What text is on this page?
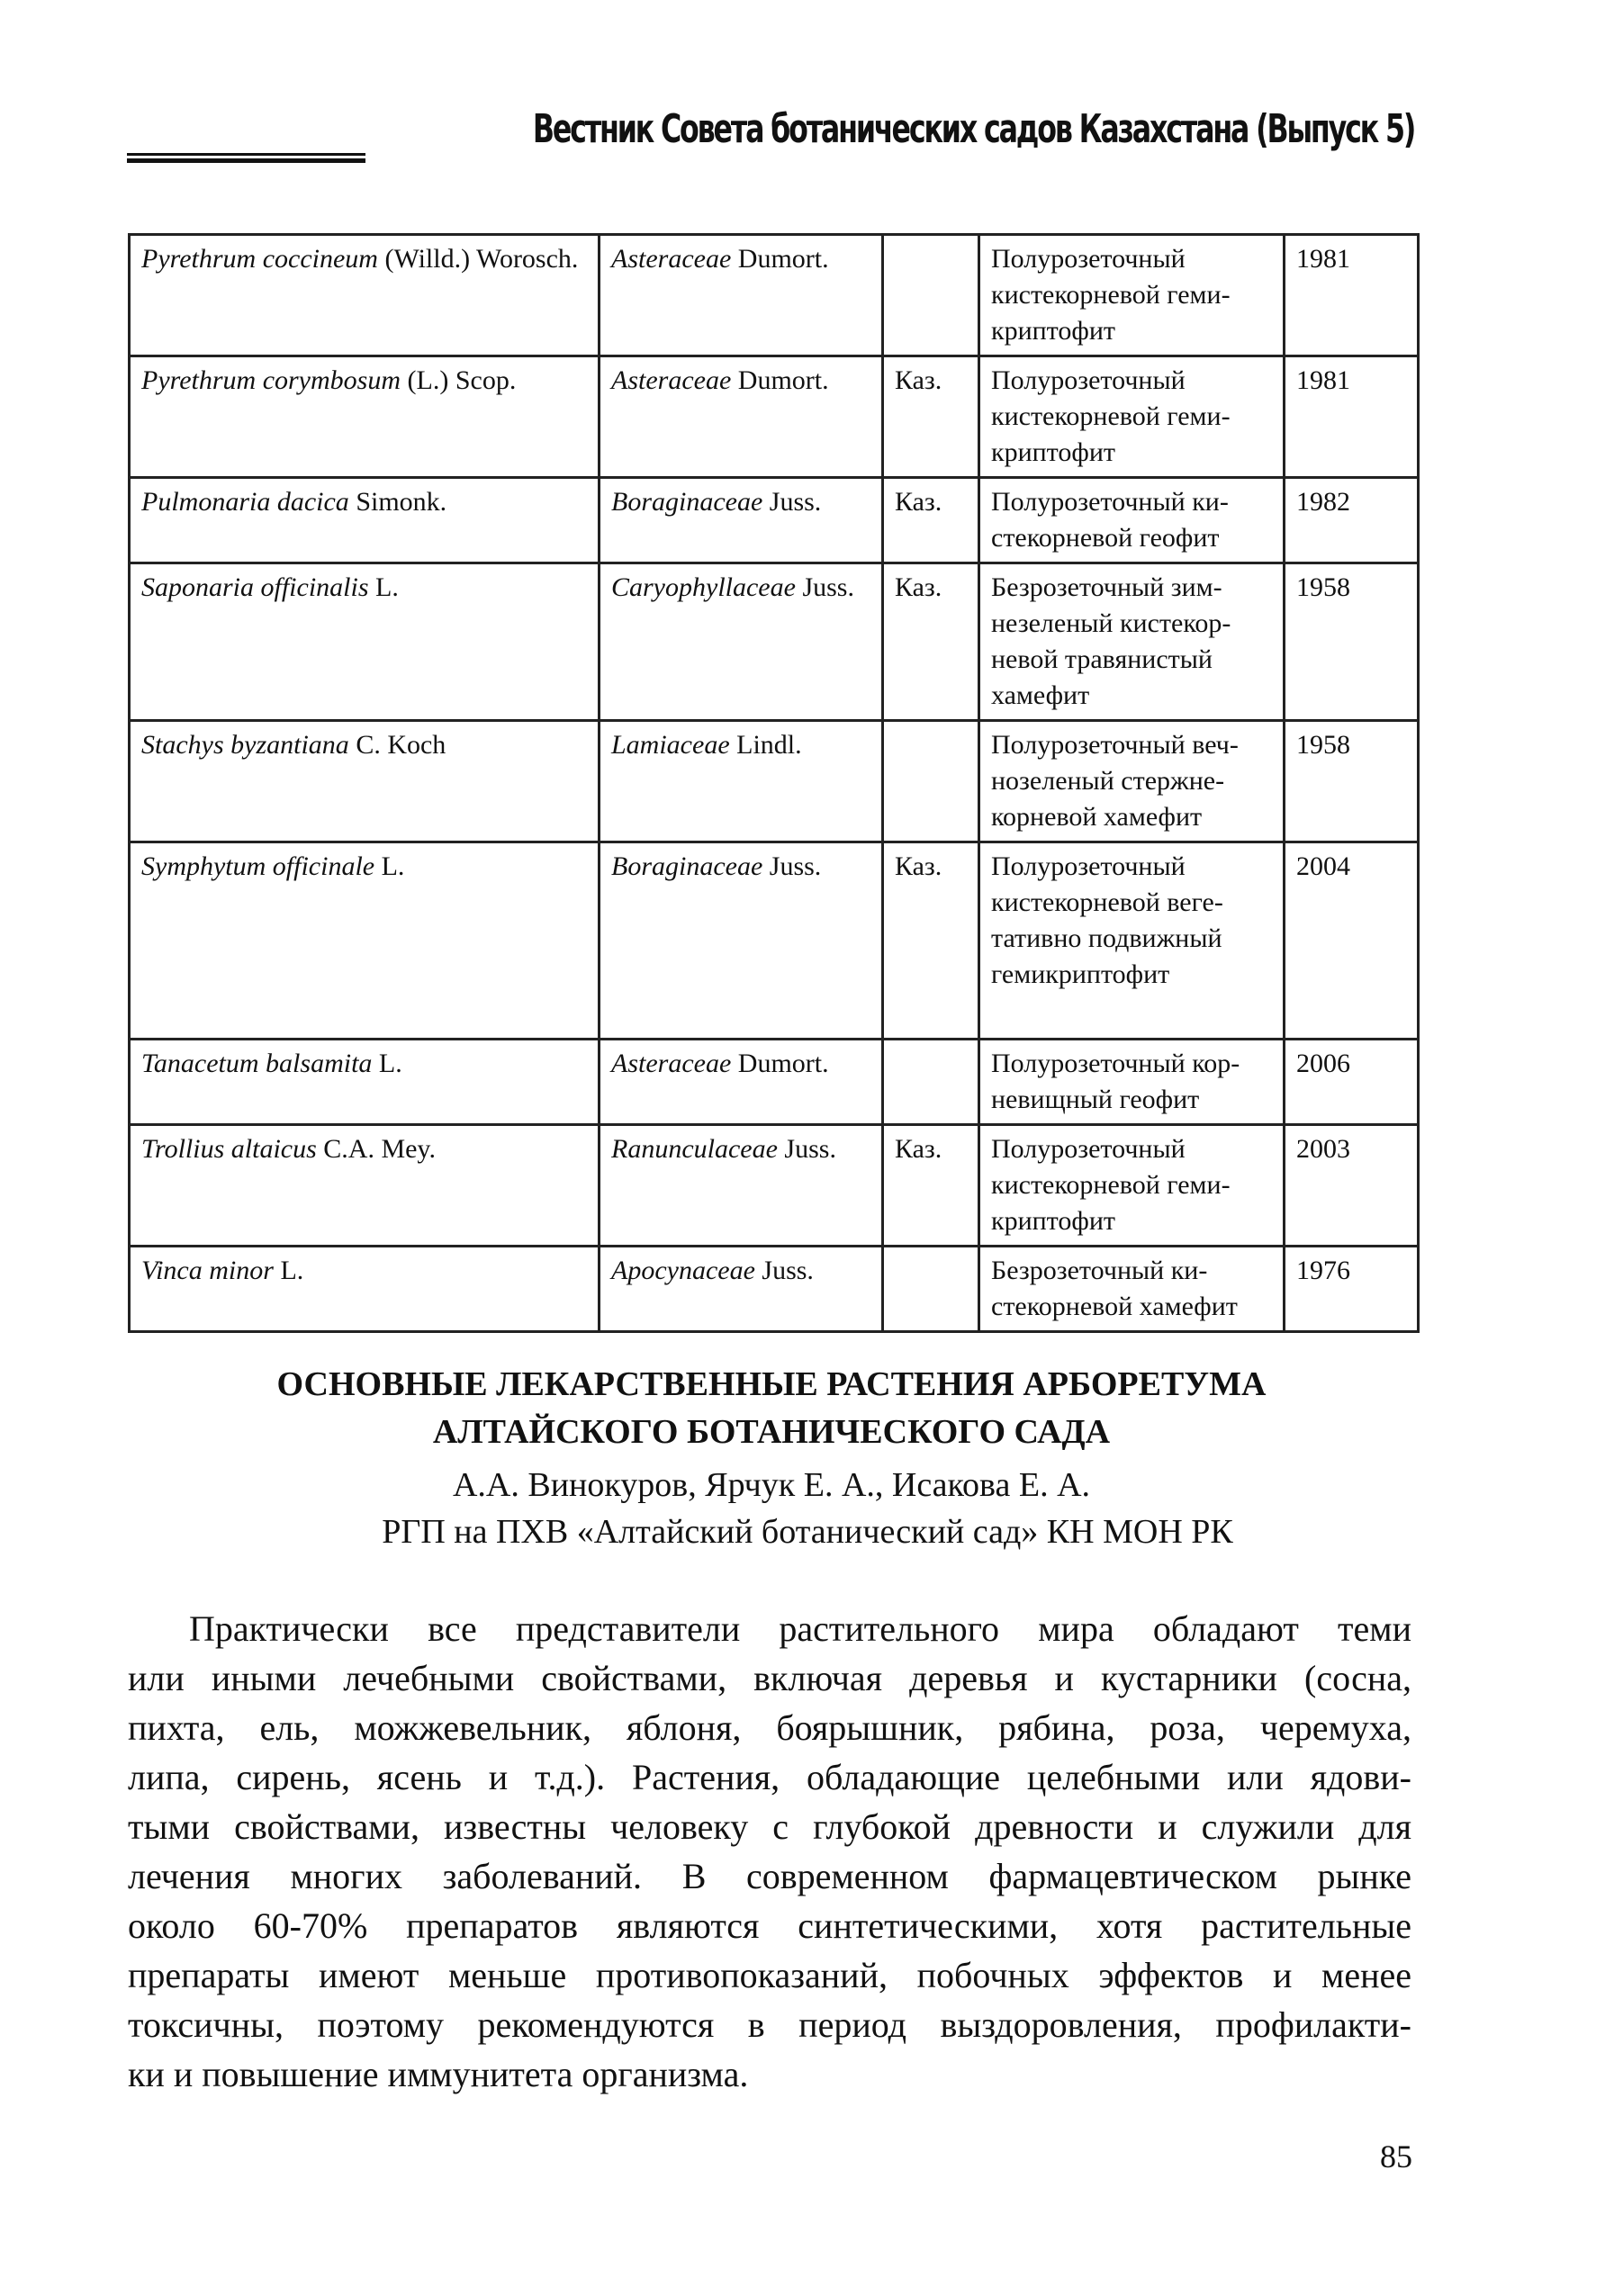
Вестник Совета ботанических садов Казахстана (Выпуск 5)
Pyrethrum coccineum (Willd.) Worosch.	Asteraceae Dumort.		Полурозеточный кистекорневой геми-криптофит	1981
Pyrethrum corymbosum (L.) Scop.	Asteraceae Dumort.	Каз.	Полурозеточный кистекорневой геми-криптофит	1981
Pulmonaria dacica Simonk.	Boraginaceae Juss.	Каз.	Полурозеточный ки-стекорневой геофит	1982
Saponaria officinalis L.	Caryophyllaceae Juss.	Каз.	Безрозеточный зим-незеленый кистекор-невой травянистый хамефит	1958
Stachys byzantiana C. Koch	Lamiaceae Lindl.		Полурозеточный веч-нозеленый стержне-корневой хамефит	1958
Symphytum officinale L.	Boraginaceae Juss.	Каз.	Полурозеточный кистекорневой веге-тативно подвижный гемикриптофит	2004
Tanacetum balsamita L.	Asteraceae Dumort.		Полурозеточный кор-невищный геофит	2006
Trollius altaicus C.A. Mey.	Ranunculaceae Juss.	Каз.	Полурозеточный кистекорневой геми-криптофит	2003
Vinca minor L.	Apocynaceae Juss.		Безрозеточный ки-стекорневой хамефит	1976
ОСНОВНЫЕ ЛЕКАРСТВЕННЫЕ РАСТЕНИЯ АРБОРЕТУМА
АЛТАЙСКОГО БОТАНИЧЕСКОГО САДА
А.А. Винокуров, Ярчук Е. А., Исакова Е. А.
РГП на ПХВ «Алтайский ботанический сад» КН МОН РК
Практически все представители растительного мира обладают теми
или иными лечебными свойствами, включая деревья и кустарники (сосна,
пихта, ель, можжевельник, яблоня, боярышник, рябина, роза, черемуха,
липа, сирень, ясень и т.д.). Растения, обладающие целебными или ядови-
тыми свойствами, известны человеку с глубокой древности и служили для
лечения многих заболеваний. В современном фармацевтическом рынке
около 60-70% препаратов являются синтетическими, хотя растительные
препараты имеют меньше противопоказаний, побочных эффектов и менее
токсичны, поэтому рекомендуются в период выздоровления, профилакти-
ки и повышение иммунитета организма.
85
